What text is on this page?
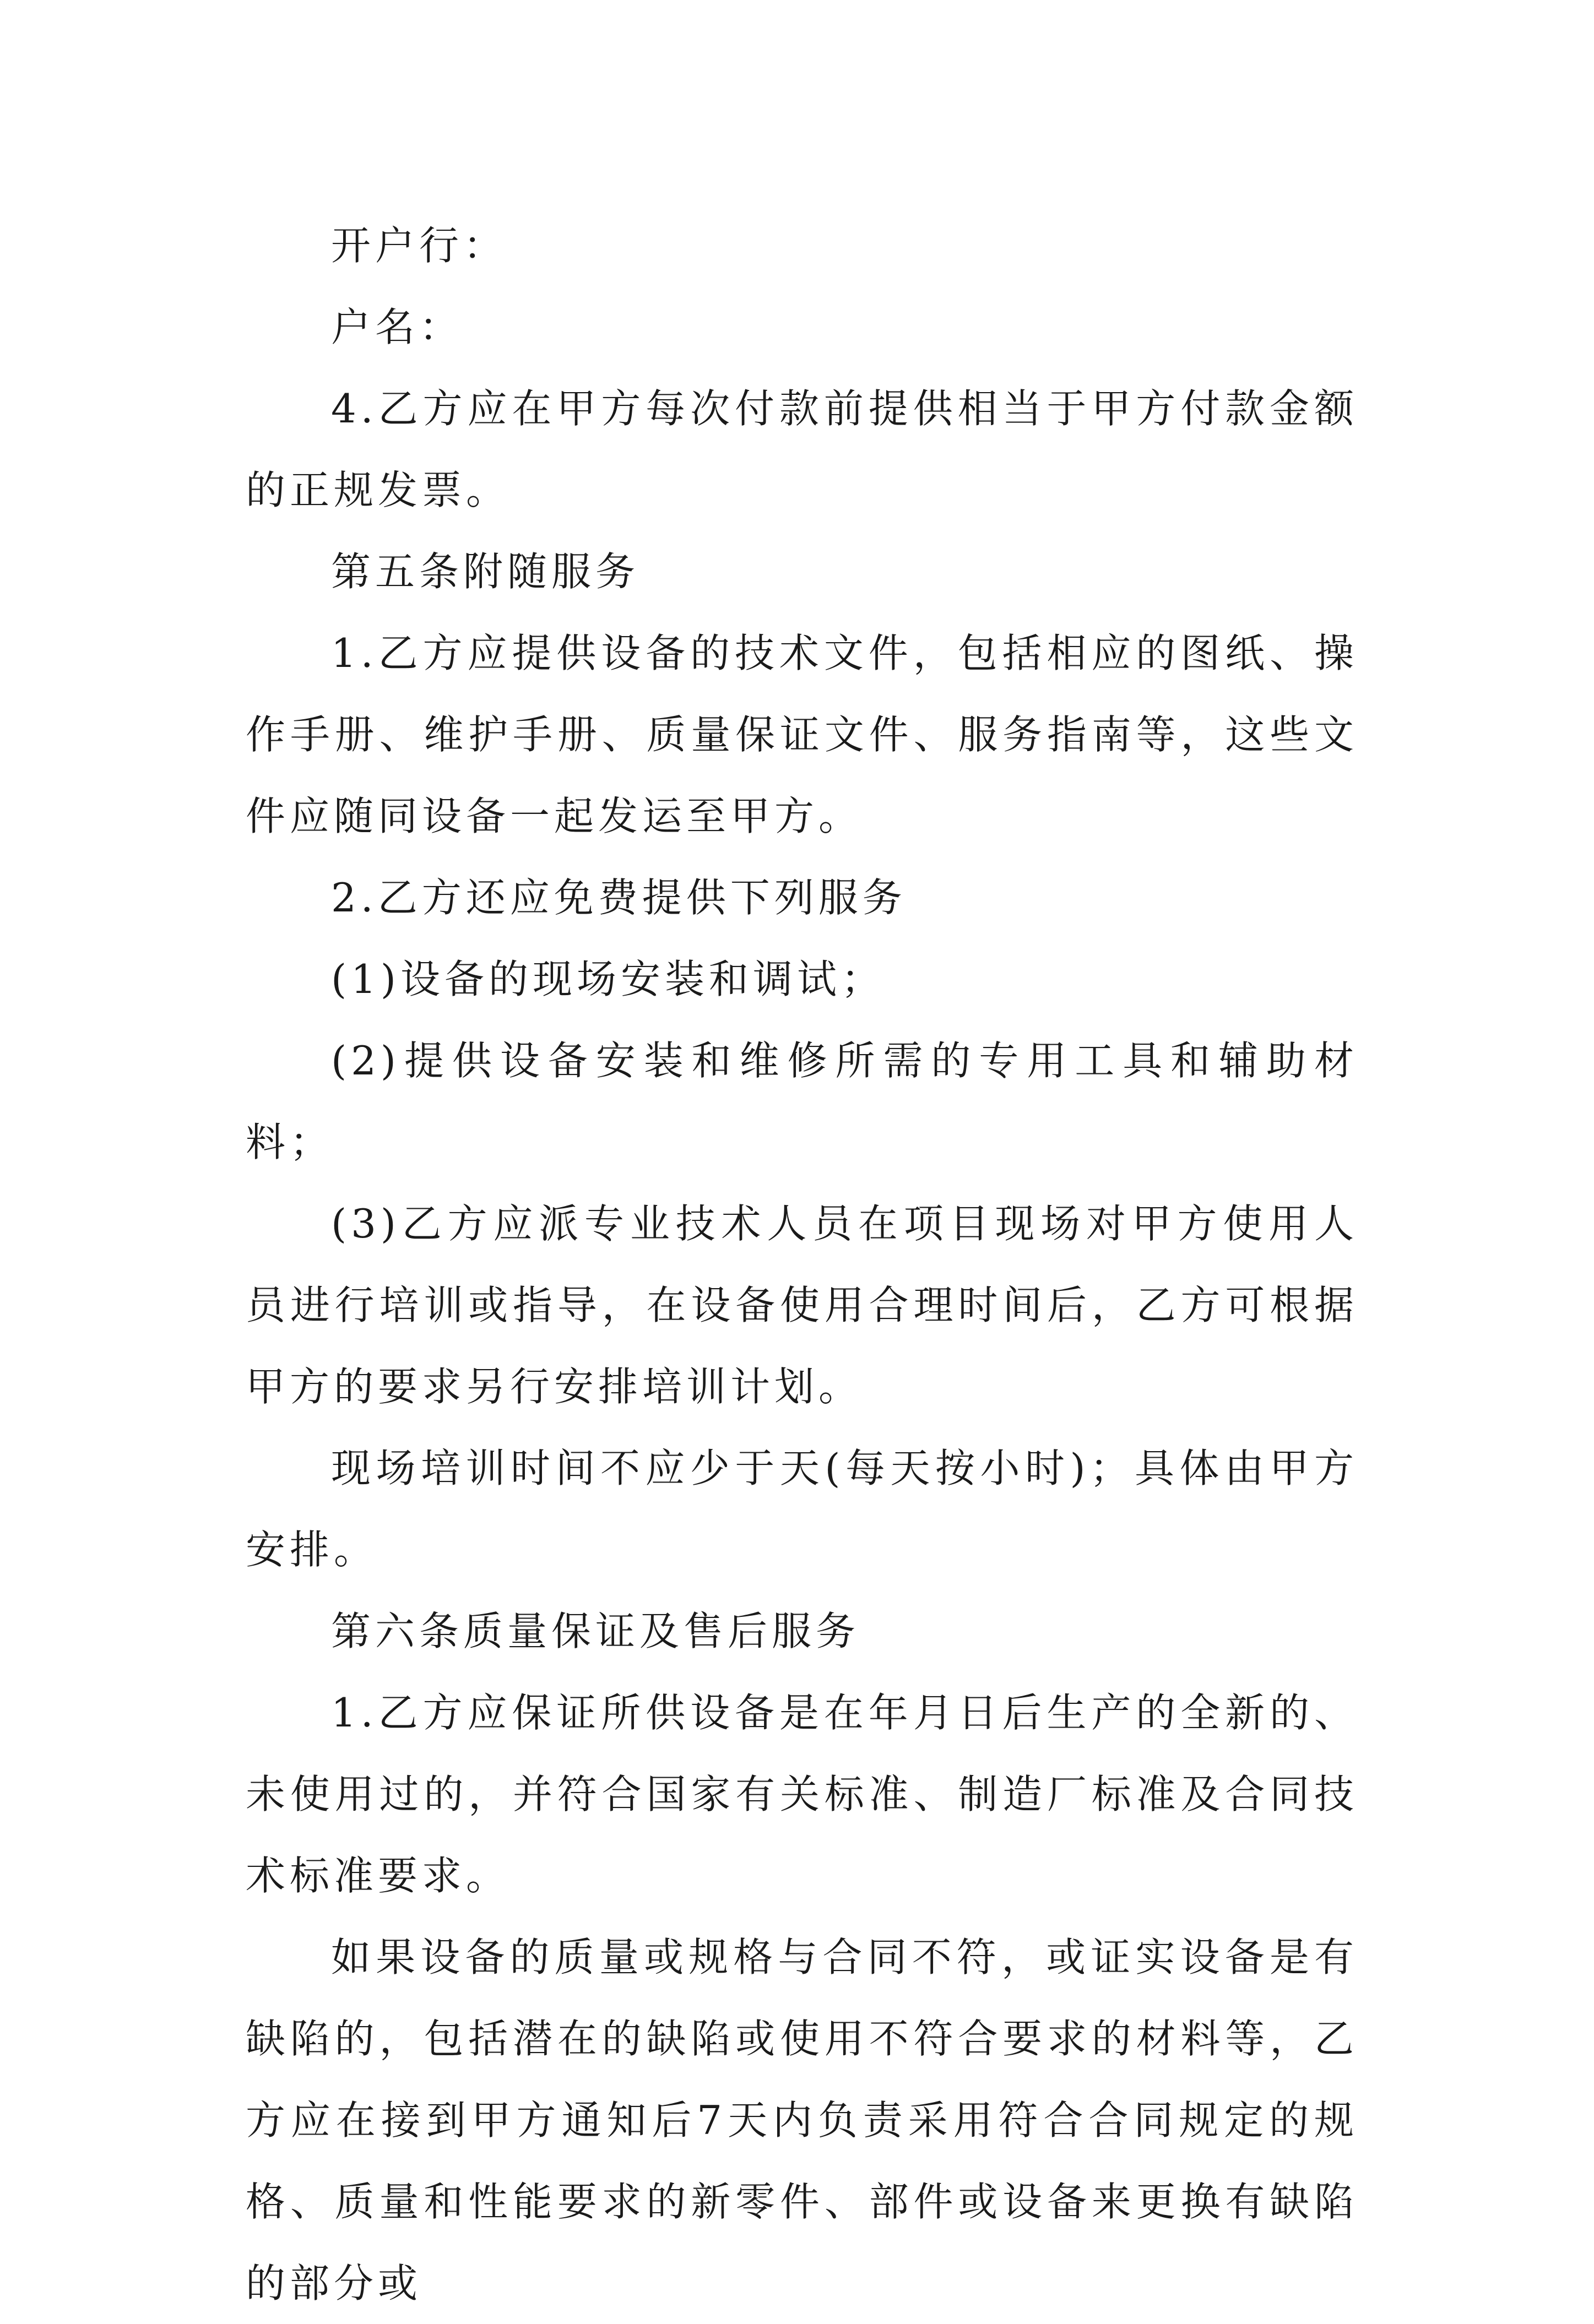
开户行：

户名：

4.乙方应在甲方每次付款前提供相当于甲方付款金额的正规发票。

第五条附随服务

1.乙方应提供设备的技术文件，包括相应的图纸、操作手册、维护手册、质量保证文件、服务指南等，这些文件应随同设备一起发运至甲方。

2.乙方还应免费提供下列服务

(1)设备的现场安装和调试；

(2)提供设备安装和维修所需的专用工具和辅助材料；

(3)乙方应派专业技术人员在项目现场对甲方使用人员进行培训或指导，在设备使用合理时间后，乙方可根据甲方的要求另行安排培训计划。

现场培训时间不应少于天(每天按小时)；具体由甲方安排。

第六条质量保证及售后服务

1.乙方应保证所供设备是在年月日后生产的全新的、未使用过的，并符合国家有关标准、制造厂标准及合同技术标准要求。

如果设备的质量或规格与合同不符，或证实设备是有缺陷的，包括潜在的缺陷或使用不符合要求的材料等，乙方应在接到甲方通知后7天内负责采用符合合同规定的规格、质量和性能要求的新零件、部件或设备来更换有缺陷的部分或
